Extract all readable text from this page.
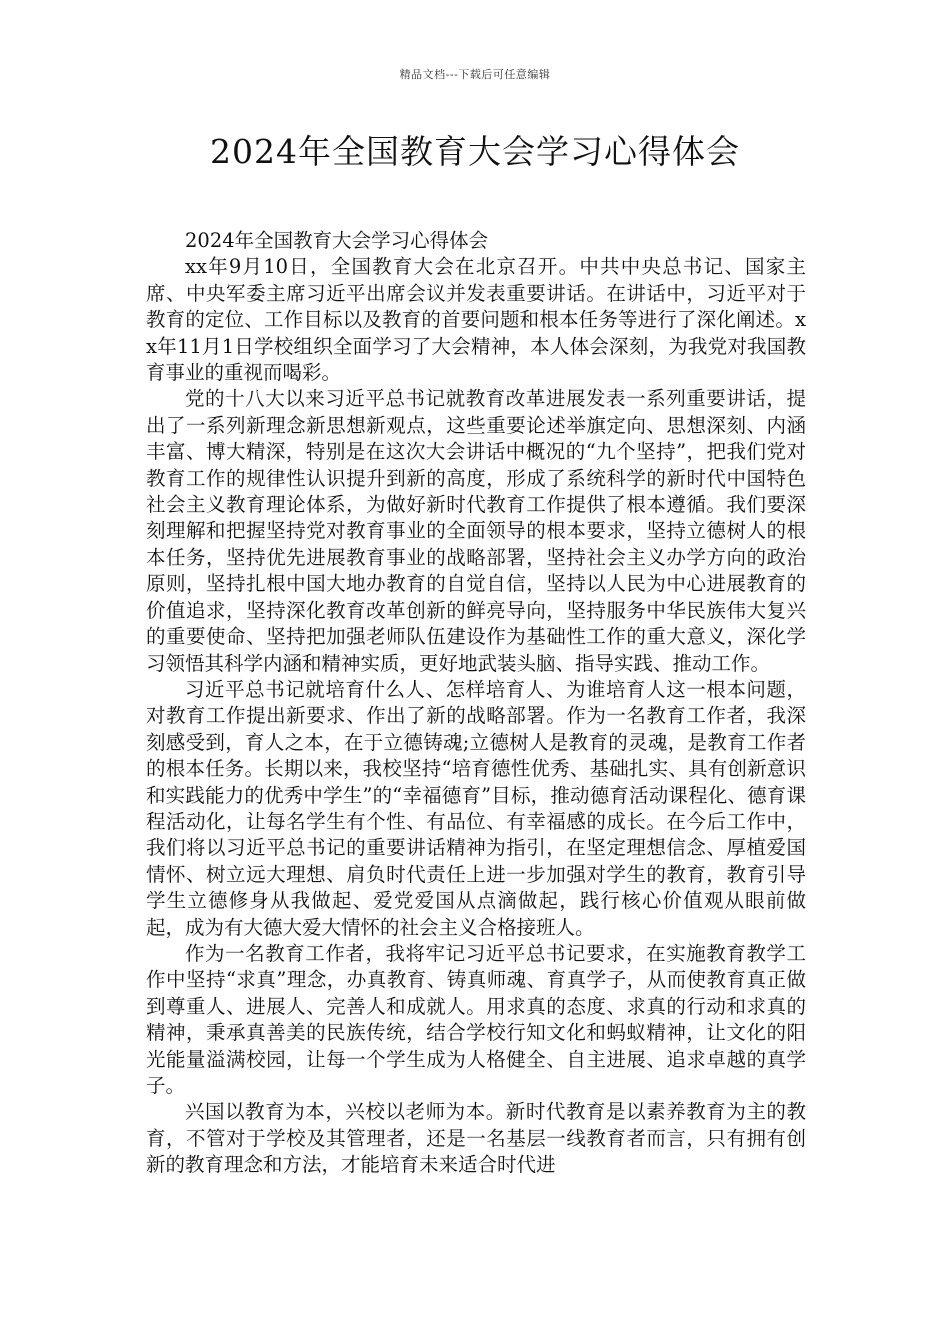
精品文档---下载后可任意编辑
2024年全国教育大会学习心得体会

2024年全国教育大会学习心得体会

xx年9月10日，全国教育大会在北京召开。中共中央总书记、国家主席、中央军委主席习近平出席会议并发表重要讲话。在讲话中，习近平对于教育的定位、工作目标以及教育的首要问题和根本任务等进行了深化阐述。xx年11月1日学校组织全面学习了大会精神，本人体会深刻，为我党对我国教育事业的重视而喝彩。

党的十八大以来习近平总书记就教育改革进展发表一系列重要讲话，提出了一系列新理念新思想新观点，这些重要论述举旗定向、思想深刻、内涵丰富、博大精深，特别是在这次大会讲话中概况的“九个坚持”，把我们党对教育工作的规律性认识提升到新的高度，形成了系统科学的新时代中国特色社会主义教育理论体系，为做好新时代教育工作提供了根本遵循。我们要深刻理解和把握坚持党对教育事业的全面领导的根本要求，坚持立德树人的根本任务，坚持优先进展教育事业的战略部署，坚持社会主义办学方向的政治原则，坚持扎根中国大地办教育的自觉自信，坚持以人民为中心进展教育的价值追求，坚持深化教育改革创新的鲜亮导向，坚持服务中华民族伟大复兴的重要使命、坚持把加强老师队伍建设作为基础性工作的重大意义，深化学习领悟其科学内涵和精神实质，更好地武装头脑、指导实践、推动工作。

习近平总书记就培育什么人、怎样培育人、为谁培育人这一根本问题，对教育工作提出新要求、作出了新的战略部署。作为一名教育工作者，我深刻感受到，育人之本，在于立德铸魂;立德树人是教育的灵魂，是教育工作者的根本任务。长期以来，我校坚持“培育德性优秀、基础扎实、具有创新意识和实践能力的优秀中学生”的“幸福德育”目标，推动德育活动课程化、德育课程活动化，让每名学生有个性、有品位、有幸福感的成长。在今后工作中，我们将以习近平总书记的重要讲话精神为指引，在坚定理想信念、厚植爱国情怀、树立远大理想、肩负时代责任上进一步加强对学生的教育，教育引导学生立德修身从我做起、爱党爱国从点滴做起，践行核心价值观从眼前做起，成为有大德大爱大情怀的社会主义合格接班人。

作为一名教育工作者，我将牢记习近平总书记要求，在实施教育教学工作中坚持“求真”理念，办真教育、铸真师魂、育真学子，从而使教育真正做到尊重人、进展人、完善人和成就人。用求真的态度、求真的行动和求真的精神，秉承真善美的民族传统，结合学校行知文化和蚂蚁精神，让文化的阳光能量溢满校园，让每一个学生成为人格健全、自主进展、追求卓越的真学子。

兴国以教育为本，兴校以老师为本。新时代教育是以素养教育为主的教育，不管对于学校及其管理者，还是一名基层一线教育者而言，只有拥有创新的教育理念和方法，才能培育未来适合时代进
